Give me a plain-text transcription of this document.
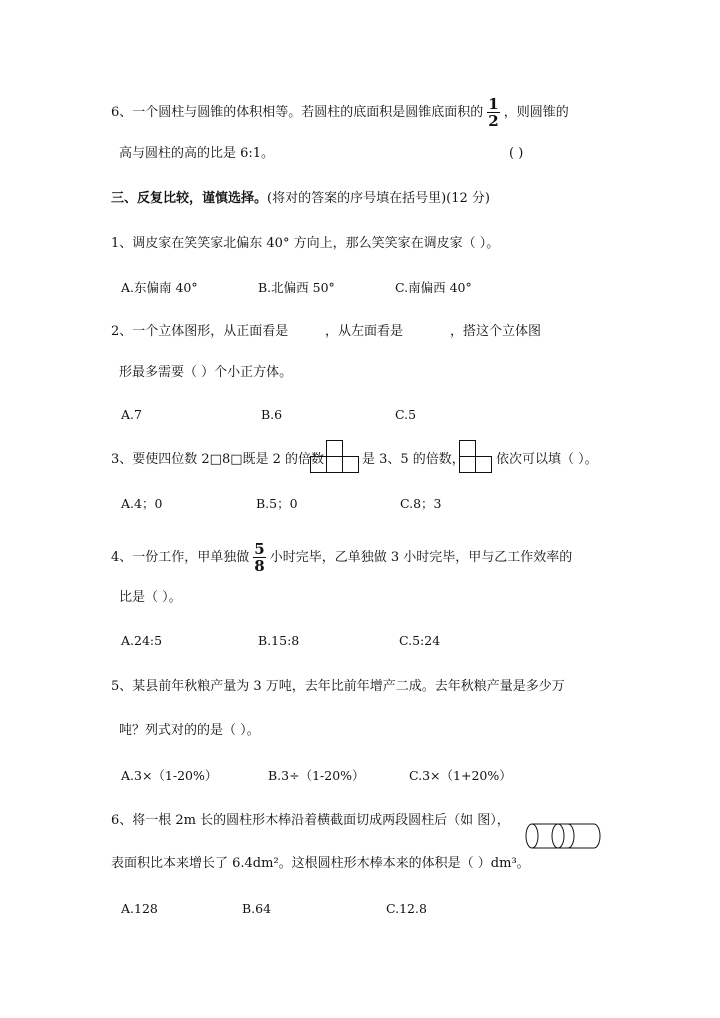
6、一个圆柱与圆锥的体积相等。若圆柱的底面积是圆锥底面积的 $\frac{1}{2}$ ，则圆锥的
高与圆柱的高的比是 6:1。	( )
三、反复比较，谨慎选择。(将对的答案的序号填在括号里)(12 分)
1、调皮家在笑笑家北偏东 40° 方向上，那么笑笑家在调皮家（ ）。
A.东偏南 40°	B.北偏西 50°	C.南偏西 40°
2、一个立体图形，从正面看是	，从左面看是	，搭这个立体图
形最多需要（ ）个小正方体。
A.7	B.6	C.5
3、要使四位数 2□8□既是 2 的倍数	是 3、5 的倍数， 依次可以填（ ）。
A.4；0	B.5；0	C.8；3
4、一份工作，甲单独做 $\frac{5}{8}$ 小时完毕，乙单独做 3 小时完毕，甲与乙工作效率的
比是（ ）。
A.24:5	B.15:8	C.5:24
5、某县前年秋粮产量为 3 万吨，去年比前年增产二成。去年秋粮产量是多少万
吨？列式对的的是（ ）。
A.3×（1-20%）	B.3÷（1-20%）	C.3×（1+20%）
6、将一根 2m 长的圆柱形木棒沿着横截面切成两段圆柱后（如 图），
表面积比本来增长了 6.4dm²。这根圆柱形木棒本来的体积是（ ）dm³。
A.128	B.64	C.12.8
